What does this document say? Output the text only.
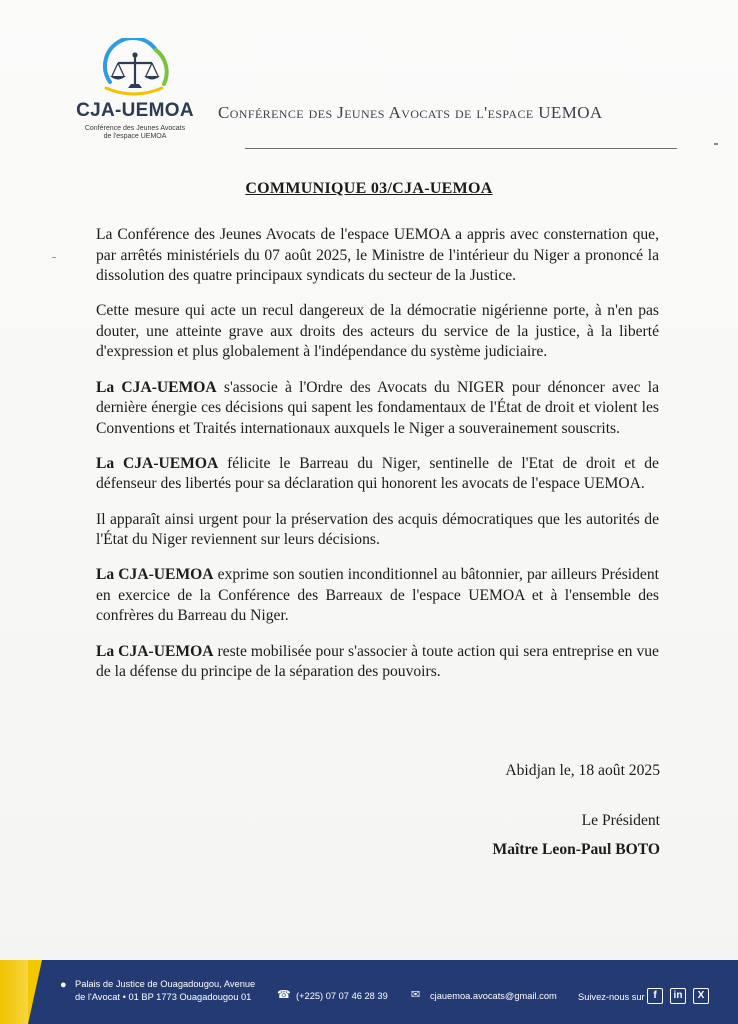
CJA-UEMOA
Conférence des Jeunes Avocats
de l'espace UEMOA
Conférence des Jeunes Avocats de l'espace UEMOA
COMMUNIQUE 03/CJA-UEMOA

La Conférence des Jeunes Avocats de l'espace UEMOA a appris avec consternation que, par arrêtés ministériels du 07 août 2025, le Ministre de l'intérieur du Niger a prononcé la dissolution des quatre principaux syndicats du secteur de la Justice.

Cette mesure qui acte un recul dangereux de la démocratie nigérienne porte, à n'en pas douter, une atteinte grave aux droits des acteurs du service de la justice, à la liberté d'expression et plus globalement à l'indépendance du système judiciaire.

La CJA-UEMOA s'associe à l'Ordre des Avocats du NIGER pour dénoncer avec la dernière énergie ces décisions qui sapent les fondamentaux de l'État de droit et violent les Conventions et Traités internationaux auxquels le Niger a souverainement souscrits.

La CJA-UEMOA félicite le Barreau du Niger, sentinelle de l'Etat de droit et de défenseur des libertés pour sa déclaration qui honorent les avocats de l'espace UEMOA.

Il apparaît ainsi urgent pour la préservation des acquis démocratiques que les autorités de l'État du Niger reviennent sur leurs décisions.

La CJA-UEMOA exprime son soutien inconditionnel au bâtonnier, par ailleurs Président en exercice de la Conférence des Barreaux de l'espace UEMOA et à l'ensemble des confrères du Barreau du Niger.

La CJA-UEMOA reste mobilisée pour s'associer à toute action qui sera entreprise en vue de la défense du principe de la séparation des pouvoirs.

Abidjan le, 18 août 2025
Le Président
Maître Leon-Paul BOTO
● Palais de Justice de Ouagadougou, Avenue
de l'Avocat • 01 BP 1773 Ouagadougou 01	☎ (+225) 07 07 46 28 39 ✉ cjauemoa.avocats@gmail.com Suivez-nous sur f	in	X
